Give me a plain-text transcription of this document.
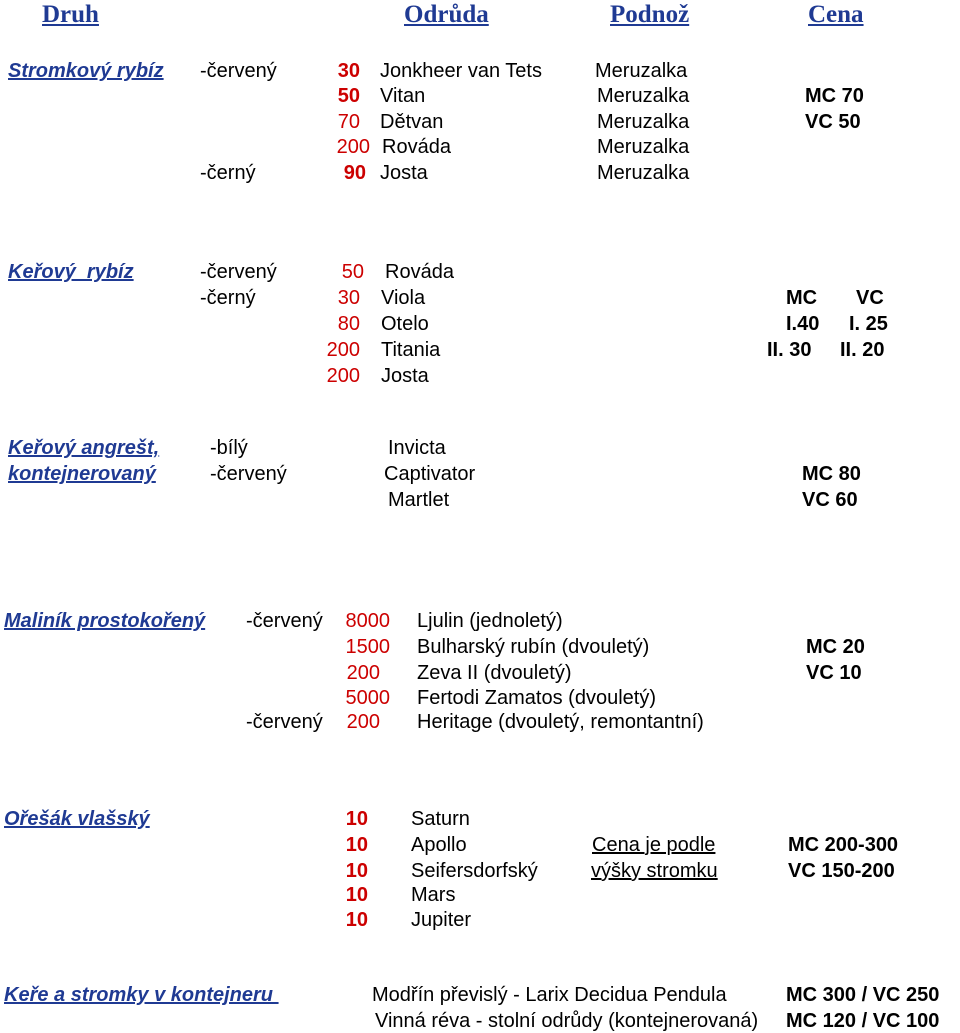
Druh	Odrůda	Podnož	Cena
Stromkový rybíz -červený	30 Jonkheer van Tets	Meruzalka
50 Vitan	Meruzalka	MC 70
70 Dětvan	Meruzalka	VC 50
200 Rováda	Meruzalka
-černý	90 Josta	Meruzalka
Keřový  rybíz	-červený	50 Rováda
-černý	30 Viola	MC VC
80 Otelo	I.40 I. 25
200 Titania	II. 30 II. 20
200 Josta
Keřový angrešt,
kontejnerovaný
-bílý	Invicta
-červený	Captivator	MC 80
Martlet	VC 60
Maliník prostokořený -červený	8000 Ljulin (jednoletý)
1500 Bulharský rubín (dvouletý)	MC 20
200 Zeva II (dvouletý)	VC 10
5000 Fertodi Zamatos (dvouletý)
-červený	200 Heritage (dvouletý, remontantní)
Ořešák vlašský	10 Saturn
10 Apollo	Cena je podle	MC 200-300
10 Seifersdorfský	výšky stromku	VC 150-200
10 Mars
10 Jupiter
Keře a stromky v kontejneru	Modřín převislý - Larix Decidua Pendula	MC 300 / VC 250
Vinná réva - stolní odrůdy (kontejnerovaná) MC 120 / VC 100
